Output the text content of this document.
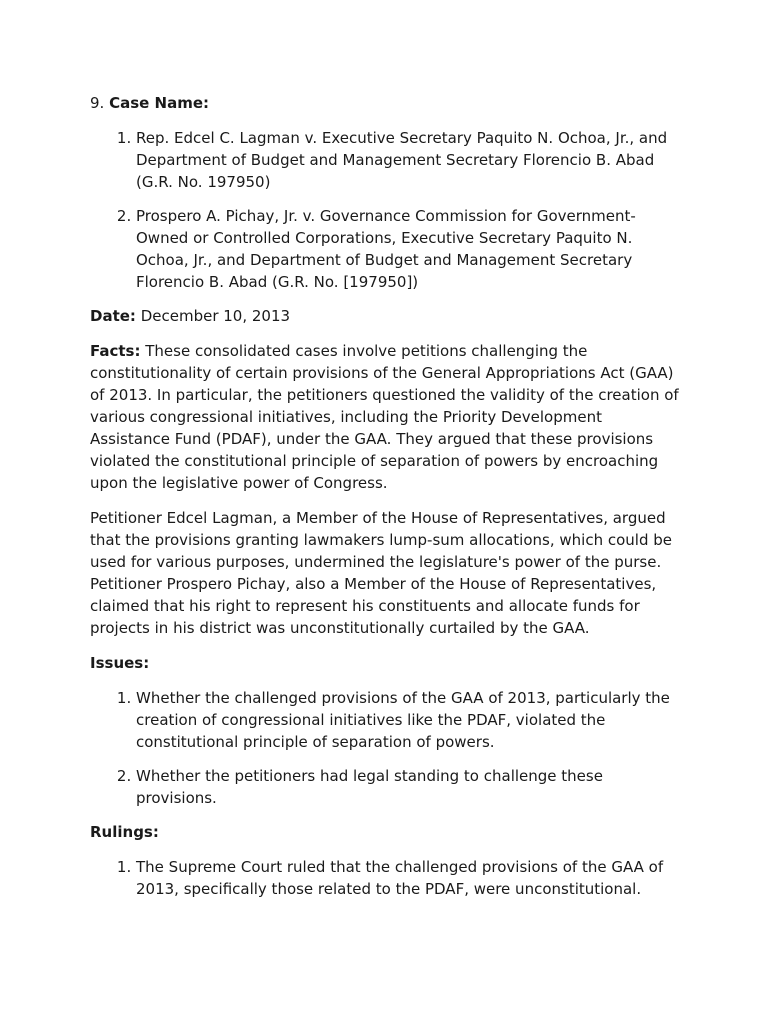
9. Case Name:

1. Rep. Edcel C. Lagman v. Executive Secretary Paquito N. Ochoa, Jr., and Department of Budget and Management Secretary Florencio B. Abad (G.R. No. 197950)
2. Prospero A. Pichay, Jr. v. Governance Commission for Government-Owned or Controlled Corporations, Executive Secretary Paquito N. Ochoa, Jr., and Department of Budget and Management Secretary Florencio B. Abad (G.R. No. [197950])

Date: December 10, 2013

Facts: These consolidated cases involve petitions challenging the constitutionality of certain provisions of the General Appropriations Act (GAA) of 2013. In particular, the petitioners questioned the validity of the creation of various congressional initiatives, including the Priority Development Assistance Fund (PDAF), under the GAA. They argued that these provisions violated the constitutional principle of separation of powers by encroaching upon the legislative power of Congress.

Petitioner Edcel Lagman, a Member of the House of Representatives, argued that the provisions granting lawmakers lump-sum allocations, which could be used for various purposes, undermined the legislature's power of the purse. Petitioner Prospero Pichay, also a Member of the House of Representatives, claimed that his right to represent his constituents and allocate funds for projects in his district was unconstitutionally curtailed by the GAA.

Issues:

1. Whether the challenged provisions of the GAA of 2013, particularly the creation of congressional initiatives like the PDAF, violated the constitutional principle of separation of powers.
2. Whether the petitioners had legal standing to challenge these provisions.

Rulings:

1. The Supreme Court ruled that the challenged provisions of the GAA of 2013, specifically those related to the PDAF, were unconstitutional.
